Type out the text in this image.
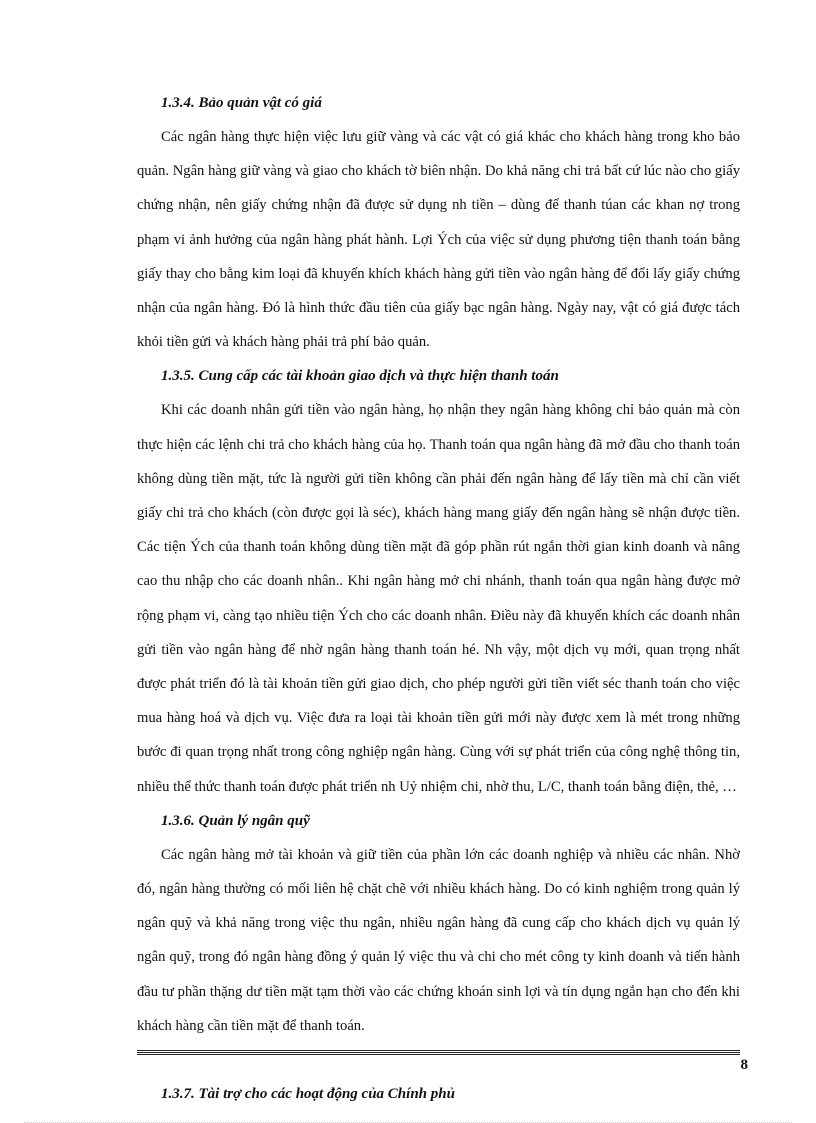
1.3.4. Bảo quản vật có giá

Các ngân hàng thực hiện việc lưu giữ vàng và các vật có giá khác cho khách hàng trong kho bảo quản. Ngân hàng giữ vàng và giao cho khách tờ biên nhận. Do khả năng chi trả bất cứ lúc nào cho giấy chứng nhận, nên giấy chứng nhận đã được sử dụng nh tiền – dùng để thanh túan các khan nợ trong phạm vi ảnh hưởng của ngân hàng phát hành. Lợi Ých của việc sử dụng phương tiện thanh toán bằng giấy thay cho bằng kim loại đã khuyến khích khách hàng gửi tiền vào ngân hàng để đổi lấy giấy chứng nhận của ngân hàng. Đó là hình thức đầu tiên của giấy bạc ngân hàng. Ngày nay, vật có giá được tách khỏi tiền gửi và khách hàng phải trả phí bảo quản.

1.3.5. Cung cấp các tài khoản giao dịch và thực hiện thanh toán

Khi các doanh nhân gửi tiền vào ngân hàng, họ nhận they ngân hàng không chỉ bảo quản mà còn thực hiện các lệnh chi trả cho khách hàng của họ. Thanh toán qua ngân hàng đã mở đầu cho thanh toán không dùng tiền mặt, tức là người gửi tiền không cần phải đến ngân hàng để lấy tiền mà chỉ cần viết giấy chi trả cho khách (còn được gọi là séc), khách hàng mang giấy đến ngân hàng sẽ nhận được tiền. Các tiện Ých của thanh toán không dùng tiền mặt đã góp phần rút ngắn thời gian kinh doanh và nâng cao thu nhập cho các doanh nhân.. Khi ngân hàng mở chi nhánh, thanh toán qua ngân hàng được mở rộng phạm vi, càng tạo nhiều tiện Ých cho các doanh nhân. Điều này đã khuyến khích các doanh nhân gửi tiền vào ngân hàng để nhờ ngân hàng thanh toán hé. Nh vậy, một dịch vụ mới, quan trọng nhất được phát triển đó là tài khoản tiền gửi giao dịch, cho phép người gửi tiền viết séc thanh toán cho việc mua hàng hoá và dịch vụ. Việc đưa ra loại tài khoản tiền gửi mới này được xem là mét trong những bước đi quan trọng nhất trong công nghiệp ngân hàng. Cùng với sự phát triển của công nghệ thông tin, nhiều thể thức thanh toán được phát triển nh Uỷ nhiệm chi, nhờ thu, L/C, thanh toán bằng điện, thẻ, …

1.3.6. Quản lý ngân quỹ

Các ngân hàng mở tài khoản và giữ tiền của phần lớn các doanh nghiệp và nhiều các nhân. Nhờ đó, ngân hàng thường có mối liên hệ chặt chẽ với nhiều khách hàng. Do có kinh nghiệm trong quản lý ngân quỹ và khả năng trong việc thu ngân, nhiều ngân hàng đã cung cấp cho khách dịch vụ quản lý ngân quỹ, trong đó ngân hàng đồng ý quản lý việc thu và chi cho mét công ty kinh doanh và tiến hành đầu tư phần thặng dư tiền mặt tạm thời vào các chứng khoán sinh lợi và tín dụng ngắn hạn cho đến khi khách hàng cần tiền mặt để thanh toán.

1.3.7. Tài trợ cho các hoạt động của Chính phủ
8
